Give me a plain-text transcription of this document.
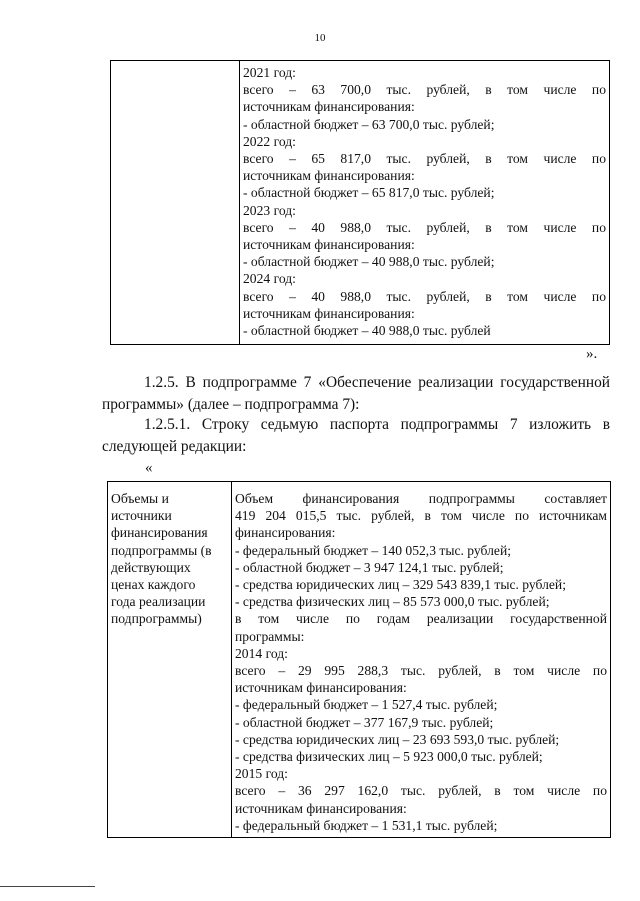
10

2021 год:
всего – 63 700,0 тыс. рублей, в том числе по
источникам финансирования:
- областной бюджет – 63 700,0 тыс. рублей;
2022 год:
всего – 65 817,0 тыс. рублей, в том числе по
источникам финансирования:
- областной бюджет – 65 817,0 тыс. рублей;
2023 год:
всего – 40 988,0 тыс. рублей, в том числе по
источникам финансирования:
- областной бюджет – 40 988,0 тыс. рублей;
2024 год:
всего – 40 988,0 тыс. рублей, в том числе по
источникам финансирования:
- областной бюджет – 40 988,0 тыс. рублей
».
1.2.5. В подпрограмме 7 «Обеспечение реализации государственной программы» (далее – подпрограмма 7):
1.2.5.1. Строку седьмую паспорта подпрограммы 7 изложить в следующей редакции:
«
Объемы и
источники
финансирования
подпрограммы (в
действующих
ценах каждого
года реализации
подпрограммы)

Объем финансирования подпрограммы составляет
419 204 015,5 тыс. рублей, в том числе по источникам
финансирования:
- федеральный бюджет – 140 052,3 тыс. рублей;
- областной бюджет – 3 947 124,1 тыс. рублей;
- средства юридических лиц – 329 543 839,1 тыс. рублей;
- средства физических лиц – 85 573 000,0 тыс. рублей;
в том числе по годам реализации государственной
программы:
2014 год:
всего – 29 995 288,3 тыс. рублей, в том числе по
источникам финансирования:
- федеральный бюджет – 1 527,4 тыс. рублей;
- областной бюджет – 377 167,9 тыс. рублей;
- средства юридических лиц – 23 693 593,0 тыс. рублей;
- средства физических лиц – 5 923 000,0 тыс. рублей;
2015 год:
всего – 36 297 162,0 тыс. рублей, в том числе по
источникам финансирования:
- федеральный бюджет – 1 531,1 тыс. рублей;
